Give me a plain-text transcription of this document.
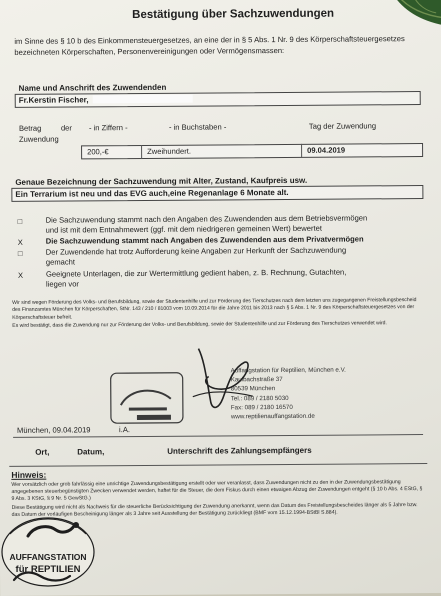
Bestätigung über Sachzuwendungen
im Sinne des § 10 b des Einkommensteuergesetzes, an eine der in § 5 Abs. 1 Nr. 9 des Körperschaftsteuergesetzes bezeichneten Körperschaften, Personenvereinigungen oder Vermögensmassen:
Name und Anschrift des Zuwendenden
Fr.Kerstin Fischer,
Betrag	der
Zuwendung
- in Ziffern -	- in Buchstaben -	Tag der Zuwendung
200,-€	Zweihundert.	09.04.2019
Genaue Bezeichnung der Sachzuwendung mit Alter, Zustand, Kaufpreis usw.
Ein Terrarium ist neu und das EVG auch,eine Regenanlage 6 Monate alt.
□	Die Sachzuwendung stammt nach den Angaben des Zuwendenden aus dem Betriebsvermögen
und ist mit dem Entnahmewert (ggf. mit dem niedrigeren gemeinen Wert) bewertet
X	Die Sachzuwendung stammt nach Angaben des Zuwendenden aus dem Privatvermögen
□	Der Zuwendende hat trotz Aufforderung keine Angaben zur Herkunft der Sachzuwendung
gemacht
X	Geeignete Unterlagen, die zur Wertermittlung gedient haben, z. B. Rechnung, Gutachten,
liegen vor
Wir sind wegen Förderung des Volks- und Berufsbildung, sowie der Studentenhilfe und zur Förderung des Tierschutzes nach dem letzten uns zugegangenen Freistellungsbescheid des Finanzamtes München für Körperschaften, StNr. 143 / 210 / 81003 vom 10.09.2014 für die Jahre 2011 bis 2013 nach § 5 Abs. 1 Nr. 9 des Körperschaftsteuergesetzes von der Körperschaftsteuer befreit.
Es wird bestätigt, dass die Zuwendung nur zur Förderung der Volks- und Berufsbildung, sowie der Studentenhilfe und zur Förderung des Tierschutzes verwendet wird.
Auffangstation für Reptilien, München e.V.
Kaulbachstraße 37
80539 München
Tel.: 089 / 2180 5030
Fax: 089 / 2180 16570
www.reptilienauffangstation.de
München, 09.04.2019	i.A.
Ort,	Datum,	Unterschrift des Zahlungsempfängers
Hinweis:
Wer vorsätzlich oder grob fahrlässig eine unrichtige Zuwendungsbestätigung erstellt oder wer veranlasst, dass Zuwendungen nicht zu den in der Zuwendungsbestätigung angegebenen steuerbegünstigten Zwecken verwendet werden, haftet für die Steuer, die dem Fiskus durch einen etwaigen Abzug der Zuwendungen entgeht (§ 10 b Abs. 4 EStG, § 9 Abs. 3 KStG, § 9 Nr. 5 GewStG.)
Diese Bestätigung wird nicht als Nachweis für die steuerliche Berücksichtigung der Zuwendung anerkannt, wenn das Datum des Freistellungsbescheides länger als 5 Jahre bzw. das Datum der vorläufigen Bescheinigung länger als 3 Jahre seit Ausstellung der Bestätigung zurückliegt (BMF vom 15.12.1994-BStBl S.884).
AUFFANGSTATION
für REPTILIEN
